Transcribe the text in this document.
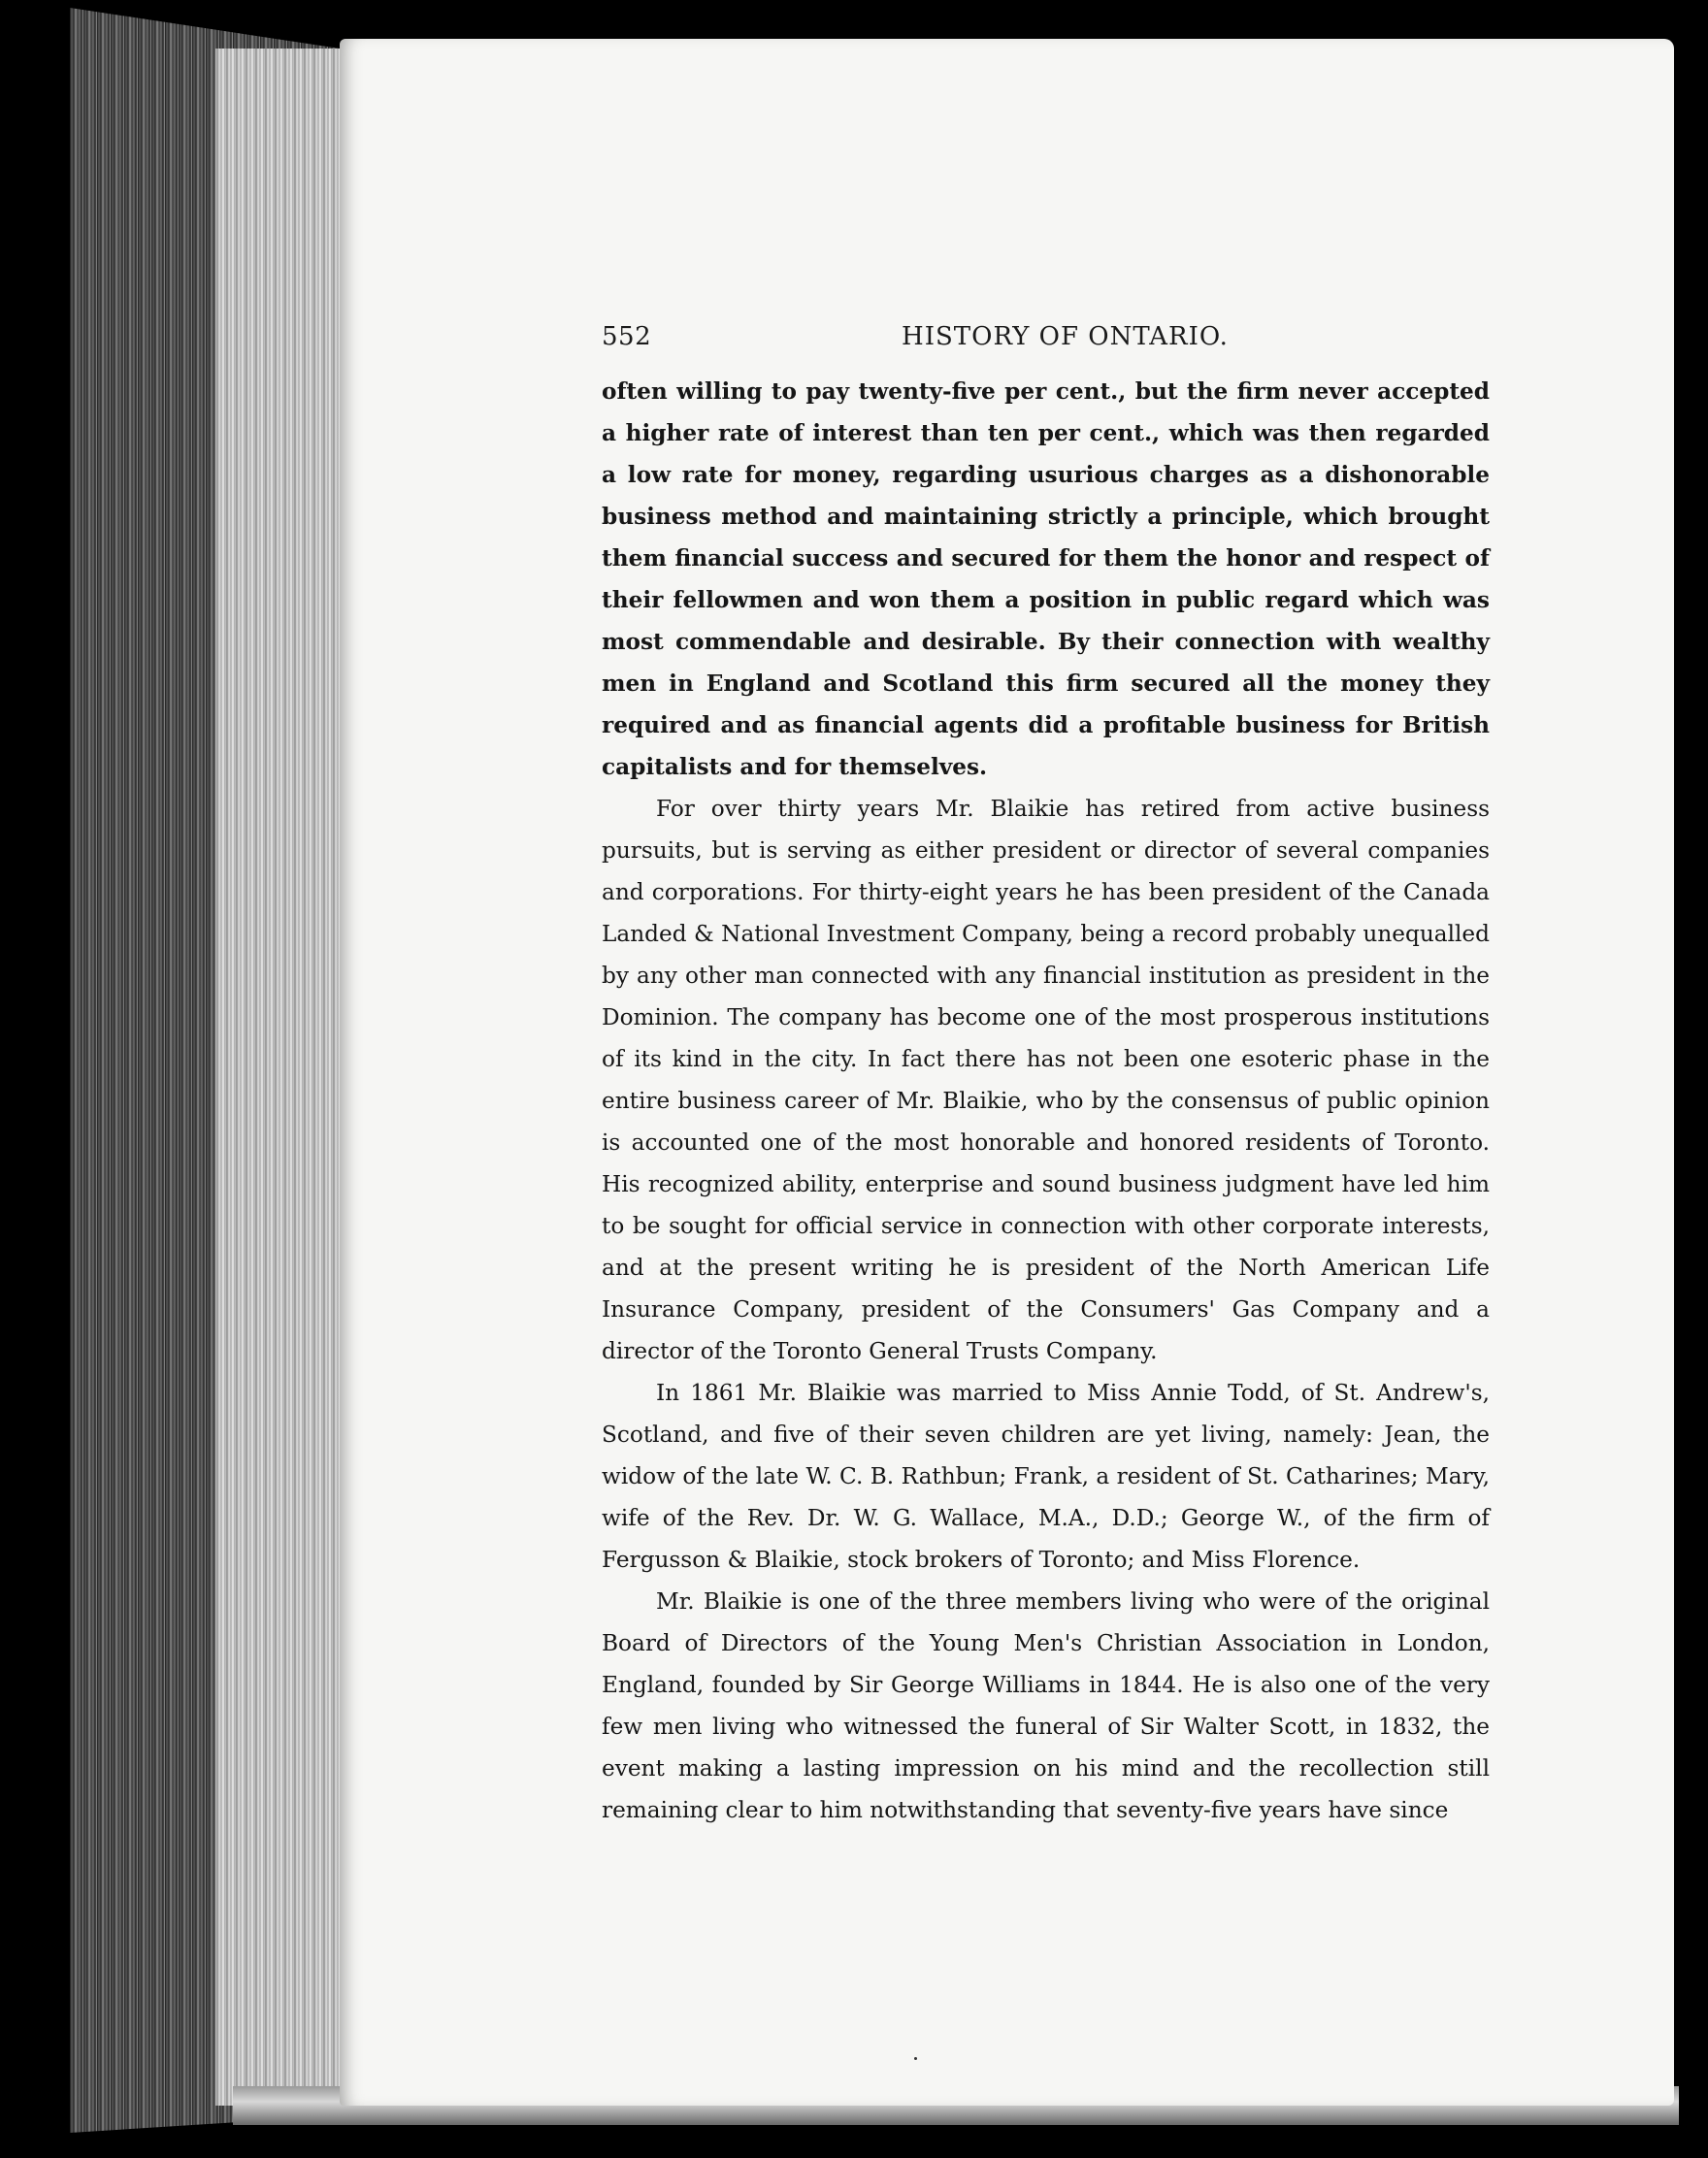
552	HISTORY OF ONTARIO.

often willing to pay twenty-five per cent., but the firm never accepted a higher rate of interest than ten per cent., which was then regarded a low rate for money, regarding usurious charges as a dishonorable business method and maintaining strictly a principle, which brought them financial success and secured for them the honor and respect of their fellowmen and won them a position in public regard which was most commendable and desirable. By their connection with wealthy men in England and Scotland this firm secured all the money they required and as financial agents did a profitable business for British capitalists and for themselves.

For over thirty years Mr. Blaikie has retired from active business pursuits, but is serving as either president or director of several companies and corporations. For thirty-eight years he has been president of the Canada Landed & National Investment Company, being a record probably unequalled by any other man connected with any financial institution as president in the Dominion. The company has become one of the most prosperous institutions of its kind in the city. In fact there has not been one esoteric phase in the entire business career of Mr. Blaikie, who by the consensus of public opinion is accounted one of the most honorable and honored residents of Toronto. His recognized ability, enterprise and sound business judgment have led him to be sought for official service in connection with other corporate interests, and at the present writing he is president of the North American Life Insurance Company, president of the Consumers' Gas Company and a director of the Toronto General Trusts Company.

In 1861 Mr. Blaikie was married to Miss Annie Todd, of St. Andrew's, Scotland, and five of their seven children are yet living, namely: Jean, the widow of the late W. C. B. Rathbun; Frank, a resident of St. Catharines; Mary, wife of the Rev. Dr. W. G. Wallace, M.A., D.D.; George W., of the firm of Fergusson & Blaikie, stock brokers of Toronto; and Miss Florence.

Mr. Blaikie is one of the three members living who were of the original Board of Directors of the Young Men's Christian Association in London, England, founded by Sir George Williams in 1844. He is also one of the very few men living who witnessed the funeral of Sir Walter Scott, in 1832, the event making a lasting impression on his mind and the recollection still remaining clear to him notwithstanding that seventy-five years have since
